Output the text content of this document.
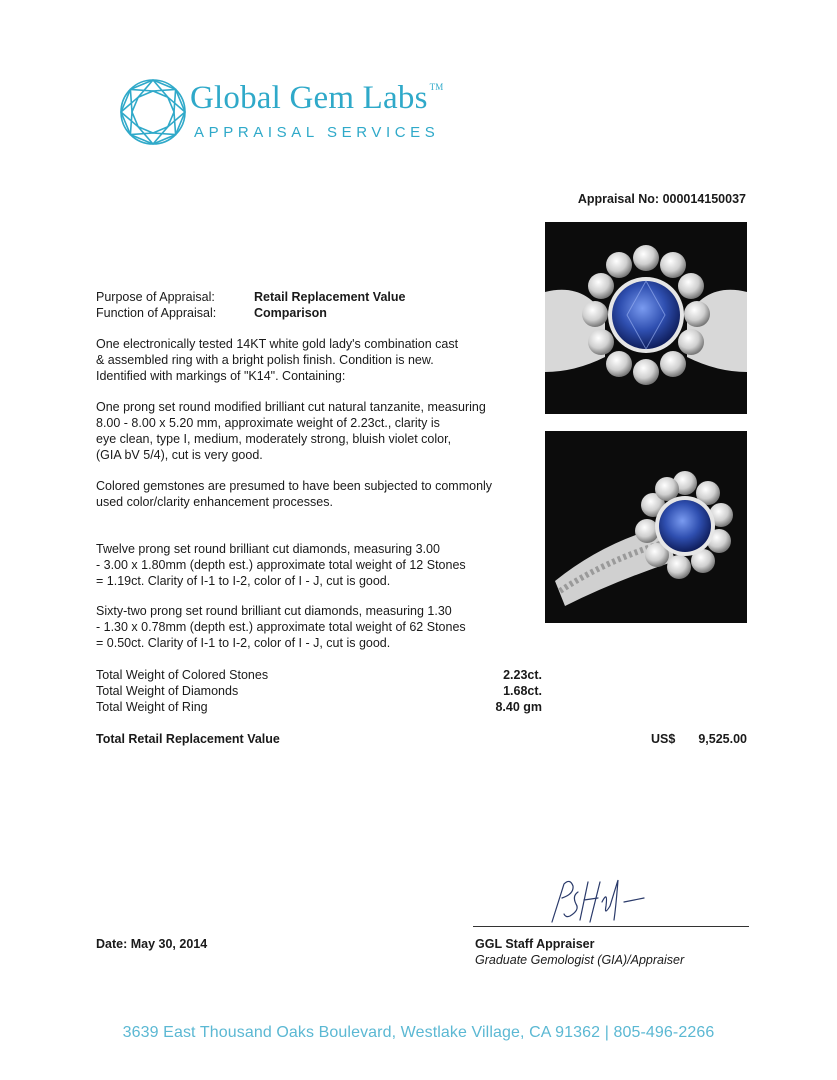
Global Gem Labs ™
APPRAISAL SERVICES
Appraisal No: 000014150037
Purpose of Appraisal:	Retail Replacement Value
Function of Appraisal:	Comparison
One electronically tested 14KT white gold lady's combination cast
& assembled ring with a bright polish finish. Condition is new.
Identified with markings of "K14". Containing:
One prong set round modified brilliant cut natural tanzanite, measuring
8.00 - 8.00 x 5.20 mm, approximate weight of 2.23ct., clarity is
eye clean, type I, medium, moderately strong, bluish violet color,
(GIA bV 5/4), cut is very good.
Colored gemstones are presumed to have been subjected to commonly
used color/clarity enhancement processes.
Twelve prong set round brilliant cut diamonds, measuring 3.00
- 3.00 x 1.80mm (depth est.) approximate total weight of 12 Stones
= 1.19ct. Clarity of I-1 to I-2, color of I - J, cut is good.
Sixty-two prong set round brilliant cut diamonds, measuring 1.30
- 1.30 x 0.78mm (depth est.) approximate total weight of 62 Stones
= 0.50ct. Clarity of I-1 to I-2, color of I - J, cut is good.
Total Weight of Colored Stones	2.23ct.
Total Weight of Diamonds	1.68ct.
Total Weight of Ring	8.40 gm
Total Retail Replacement Value	US$ 9,525.00
Date: May 30, 2014	GGL Staff Appraiser
Graduate Gemologist (GIA)/Appraiser
3639 East Thousand Oaks Boulevard, Westlake Village, CA 91362 | 805-496-2266
